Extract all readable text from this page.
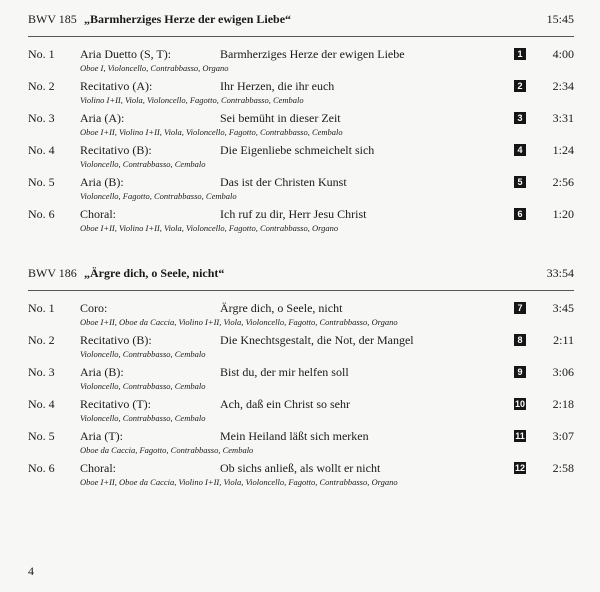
BWV 185 „Barmherziges Herze der ewigen Liebe“	15:45
No. 1 Aria Duetto (S, T):	Barmherziges Herze der ewigen Liebe
Oboe I, Violoncello, Contrabbasso, Organo
1	4:00
No. 2 Recitativo (A):	Ihr Herzen, die ihr euch
Violino I+II, Viola, Violoncello, Fagotto, Contrabbasso, Cembalo
2	2:34
No. 3 Aria (A):	Sei bemüht in dieser Zeit
Oboe I+II, Violino I+II, Viola, Violoncello, Fagotto, Contrabbasso, Cembalo
3	3:31
No. 4 Recitativo (B):	Die Eigenliebe schmeichelt sich
Violoncello, Contrabbasso, Cembalo
4	1:24
No. 5 Aria (B):	Das ist der Christen Kunst
Violoncello, Fagotto, Contrabbasso, Cembalo
5	2:56
No. 6 Choral:	Ich ruf zu dir, Herr Jesu Christ
Oboe I+II, Violino I+II, Viola, Violoncello, Fagotto, Contrabbasso, Organo
6	1:20
BWV 186 „Ärgre dich, o Seele, nicht“	33:54
No. 1 Coro:	Ärgre dich, o Seele, nicht
Oboe I+II, Oboe da Caccia, Violino I+II, Viola, Violoncello, Fagotto, Contrabbasso, Organo
7	3:45
No. 2 Recitativo (B):	Die Knechtsgestalt, die Not, der Mangel
Violoncello, Contrabbasso, Cembalo
8	2:11
No. 3 Aria (B):	Bist du, der mir helfen soll
Violoncello, Contrabbasso, Cembalo
9	3:06
No. 4 Recitativo (T):	Ach, daß ein Christ so sehr
Violoncello, Contrabbasso, Cembalo
10 2:18
No. 5 Aria (T):	Mein Heiland läßt sich merken
Oboe da Caccia, Fagotto, Contrabbasso, Cembalo
11 3:07
No. 6 Choral:	Ob sichs anließ, als wollt er nicht
Oboe I+II, Oboe da Caccia, Violino I+II, Viola, Violoncello, Fagotto, Contrabbasso, Organo
12 2:58
4
